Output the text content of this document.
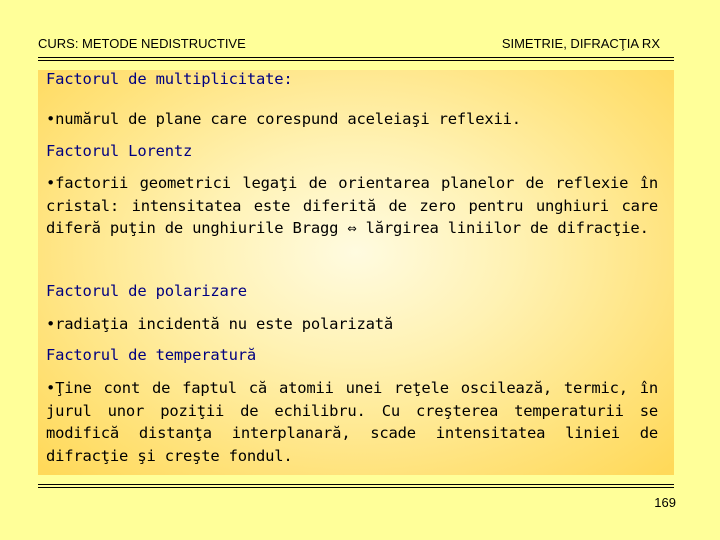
CURS: METODE NEDISTRUCTIVE	SIMETRIE, DIFRACŢIA RX
Factorul de multiplicitate:
•numărul de plane care corespund aceleiaşi reflexii.
Factorul Lorentz
•factorii geometrici legaţi de orientarea planelor de reflexie în cristal: intensitatea este diferită de zero pentru unghiuri care diferă puţin de unghiurile Bragg ⇔ lărgirea liniilor de difracţie.
Factorul de polarizare
•radiaţia incidentă nu este polarizată
Factorul de temperatură
•Ţine cont de faptul că atomii unei reţele oscilează, termic, în jurul unor poziţii de echilibru. Cu creşterea temperaturii se modifică distanţa interplanară, scade intensitatea liniei de difracţie şi creşte fondul.
169
